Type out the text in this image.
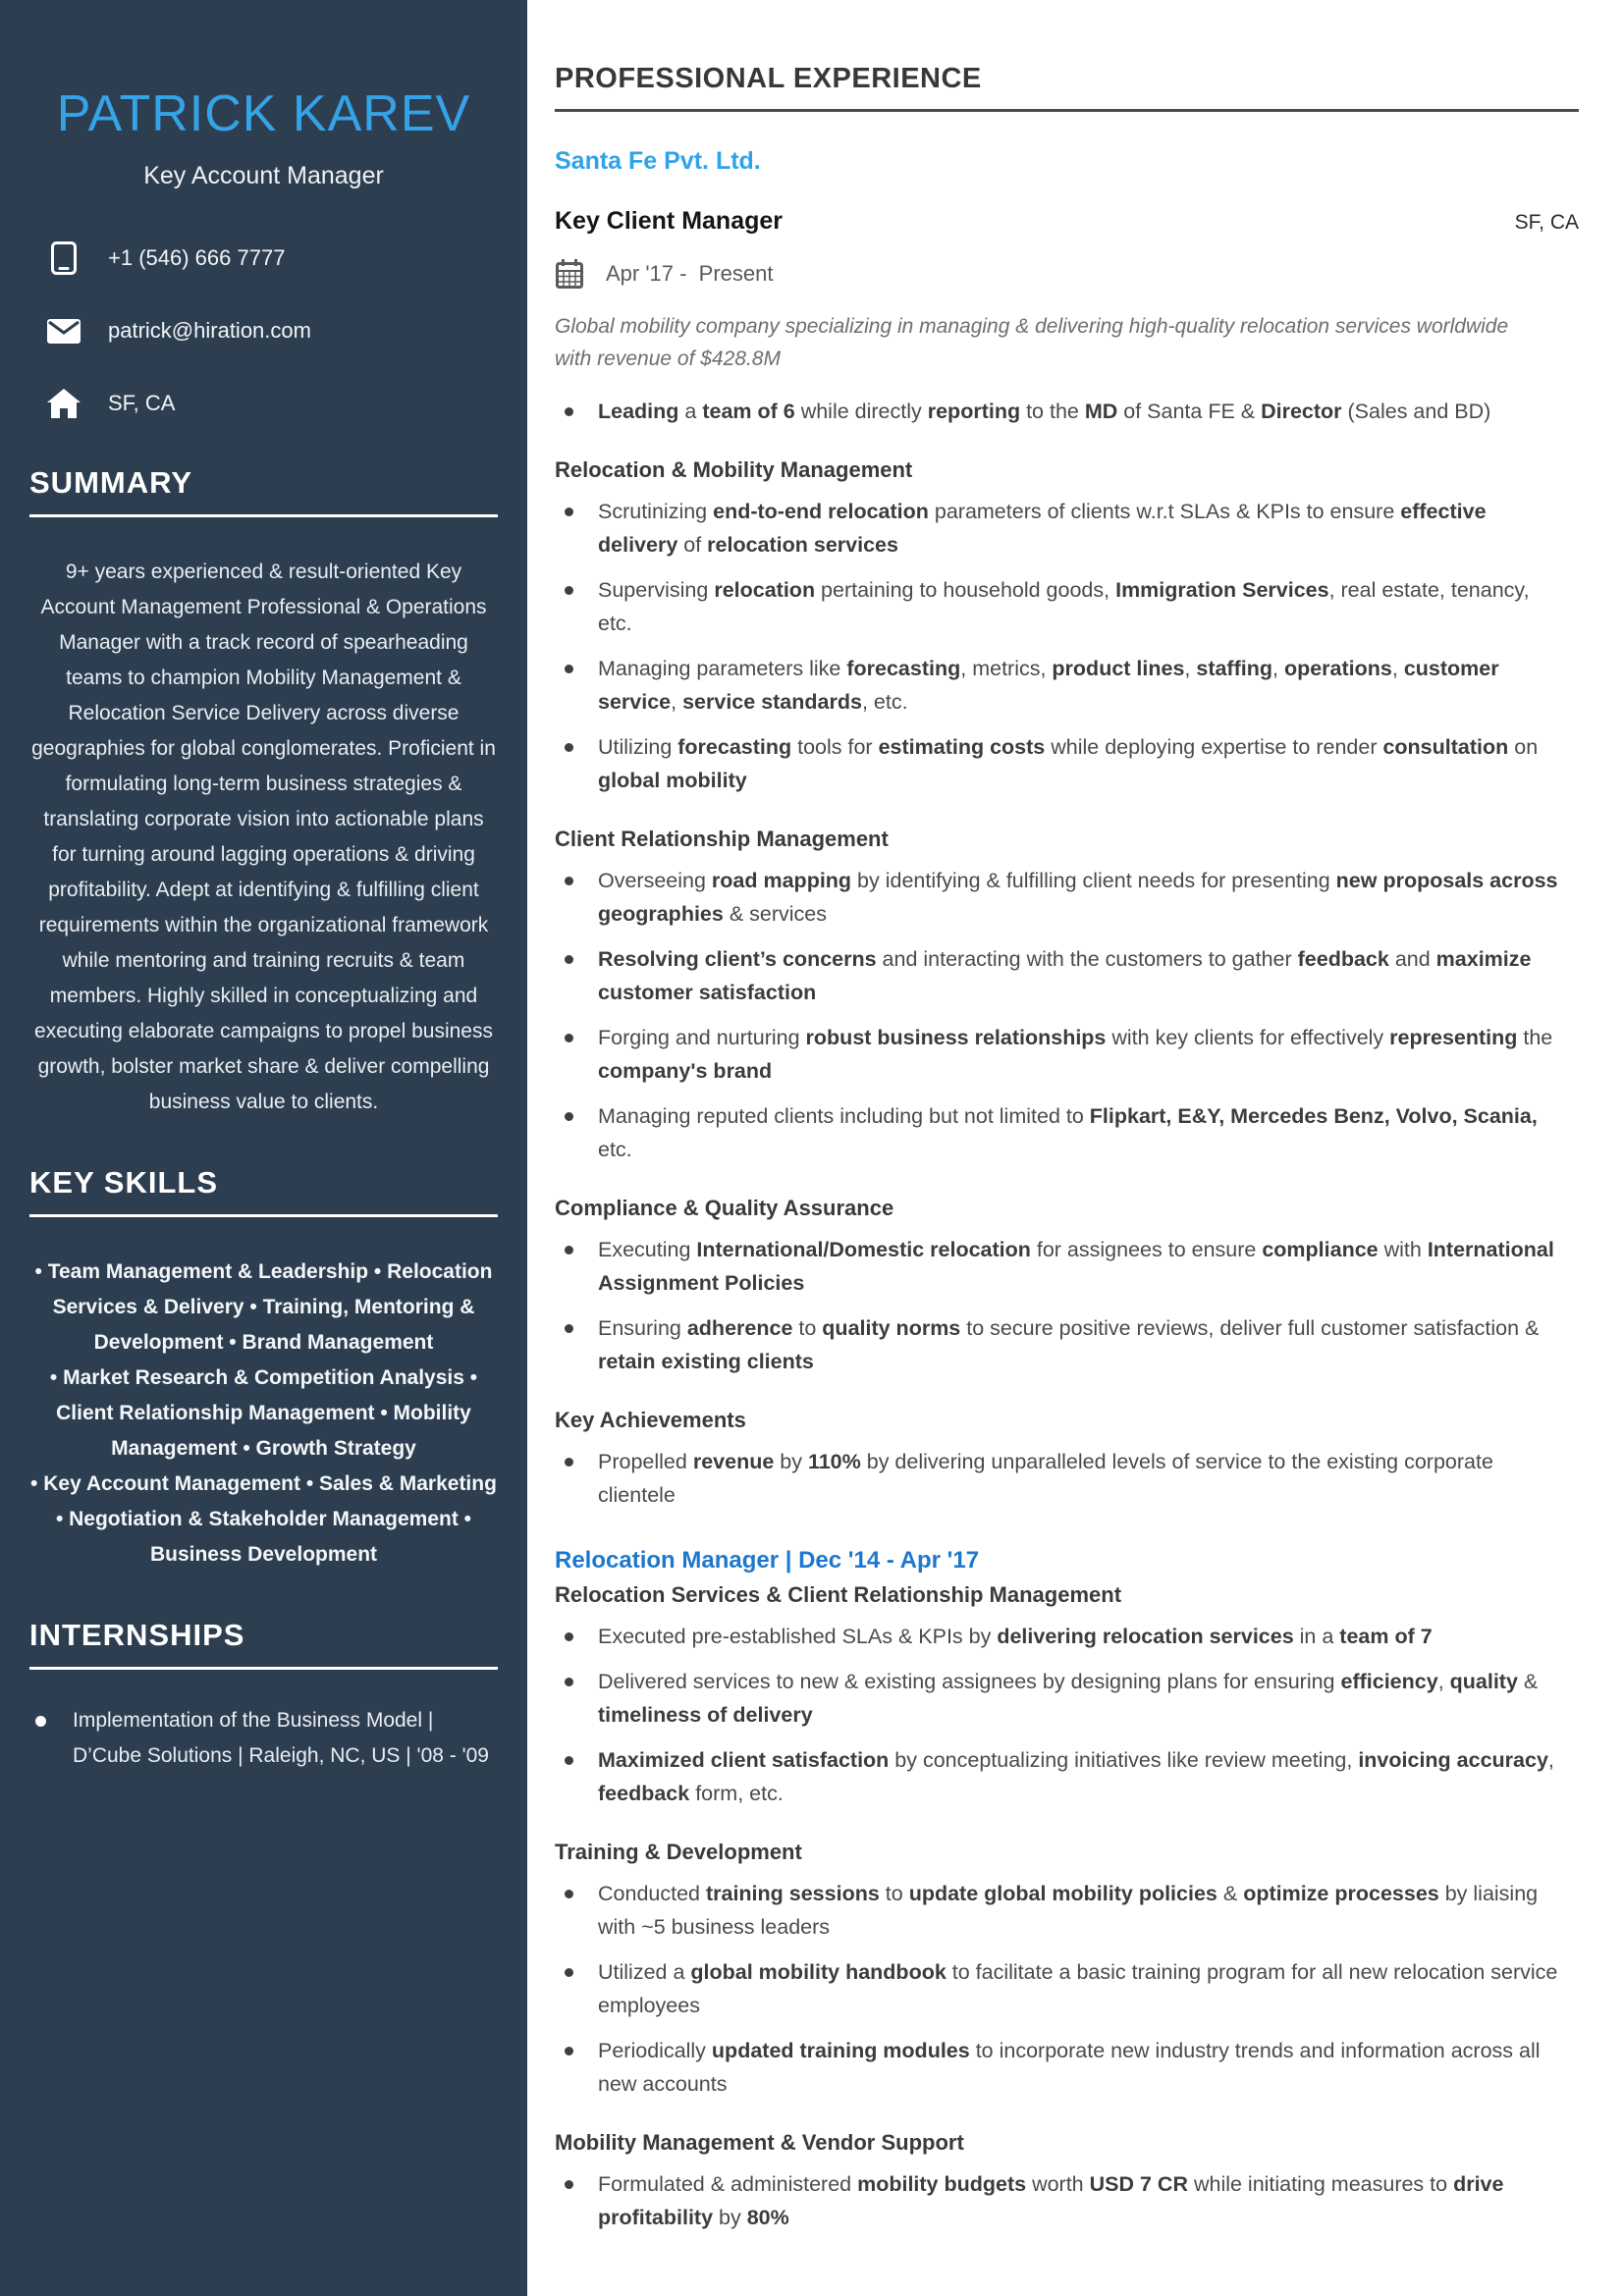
PATRICK KAREV
Key Account Manager
+1 (546) 666 7777
patrick@hiration.com
SF, CA
SUMMARY

9+ years experienced & result-oriented Key Account Management Professional & Operations Manager with a track record of spearheading teams to champion Mobility Management & Relocation Service Delivery across diverse geographies for global conglomerates. Proficient in formulating long-term business strategies & translating corporate vision into actionable plans for turning around lagging operations & driving profitability. Adept at identifying & fulfilling client requirements within the organizational framework while mentoring and training recruits & team members. Highly skilled in conceptualizing and executing elaborate campaigns to propel business growth, bolster market share & deliver compelling business value to clients.

KEY SKILLS

• Team Management & Leadership • Relocation Services & Delivery • Training, Mentoring & Development • Brand Management

• Market Research & Competition Analysis • Client Relationship Management • Mobility Management • Growth Strategy

• Key Account Management • Sales & Marketing • Negotiation & Stakeholder Management • Business Development

INTERNSHIPS
Implementation of the Business Model | D’Cube Solutions | Raleigh, NC, US | '08 - '09
PROFESSIONAL EXPERIENCE
Santa Fe Pvt. Ltd.
Key Client Manager	SF, CA
Apr '17 -  Present

Global mobility company specializing in managing & delivering high-quality relocation services worldwide with revenue of $428.8M

Leading a team of 6 while directly reporting to the MD of Santa FE & Director (Sales and BD)
Relocation & Mobility Management
Scrutinizing end-to-end relocation parameters of clients w.r.t SLAs & KPIs to ensure effective delivery of relocation services
Supervising relocation pertaining to household goods, Immigration Services, real estate, tenancy, etc.
Managing parameters like forecasting, metrics, product lines, staffing, operations, customer service, service standards, etc.
Utilizing forecasting tools for estimating costs while deploying expertise to render consultation on global mobility
Client Relationship Management
Overseeing road mapping by identifying & fulfilling client needs for presenting new proposals across geographies & services
Resolving client’s concerns and interacting with the customers to gather feedback and maximize customer satisfaction
Forging and nurturing robust business relationships with key clients for effectively representing the company's brand
Managing reputed clients including but not limited to Flipkart, E&Y, Mercedes Benz, Volvo, Scania, etc.
Compliance & Quality Assurance
Executing International/Domestic relocation for assignees to ensure compliance with International Assignment Policies
Ensuring adherence to quality norms to secure positive reviews, deliver full customer satisfaction & retain existing clients
Key Achievements
Propelled revenue by 110% by delivering unparalleled levels of service to the existing corporate clientele
Relocation Manager | Dec '14 - Apr '17
Relocation Services & Client Relationship Management
Executed pre-established SLAs & KPIs by delivering relocation services in a team of 7
Delivered services to new & existing assignees by designing plans for ensuring efficiency, quality & timeliness of delivery
Maximized client satisfaction by conceptualizing initiatives like review meeting, invoicing accuracy, feedback form, etc.
Training & Development
Conducted training sessions to update global mobility policies & optimize processes by liaising with ~5 business leaders
Utilized a global mobility handbook to facilitate a basic training program for all new relocation service employees
Periodically updated training modules to incorporate new industry trends and information across all new accounts
Mobility Management & Vendor Support
Formulated & administered mobility budgets worth USD 7 CR while initiating measures to drive profitability by 80%
